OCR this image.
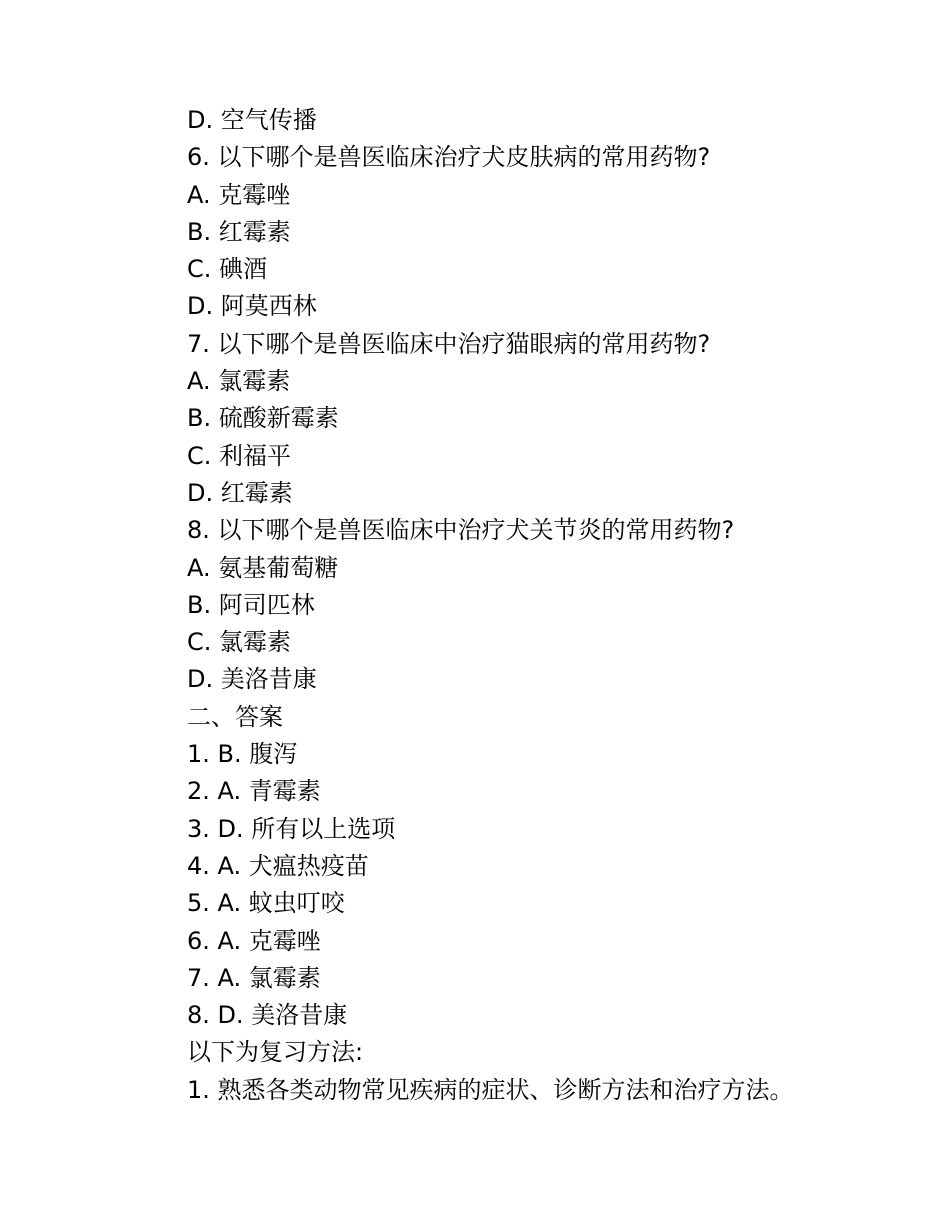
D. 空气传播
6. 以下哪个是兽医临床治疗犬皮肤病的常用药物?
A. 克霉唑
B. 红霉素
C. 碘酒
D. 阿莫西林
7. 以下哪个是兽医临床中治疗猫眼病的常用药物?
A. 氯霉素
B. 硫酸新霉素
C. 利福平
D. 红霉素
8. 以下哪个是兽医临床中治疗犬关节炎的常用药物?
A. 氨基葡萄糖
B. 阿司匹林
C. 氯霉素
D. 美洛昔康
二、答案
1. B. 腹泻
2. A. 青霉素
3. D. 所有以上选项
4. A. 犬瘟热疫苗
5. A. 蚊虫叮咬
6. A. 克霉唑
7. A. 氯霉素
8. D. 美洛昔康
以下为复习方法:
1. 熟悉各类动物常见疾病的症状、诊断方法和治疗方法。
